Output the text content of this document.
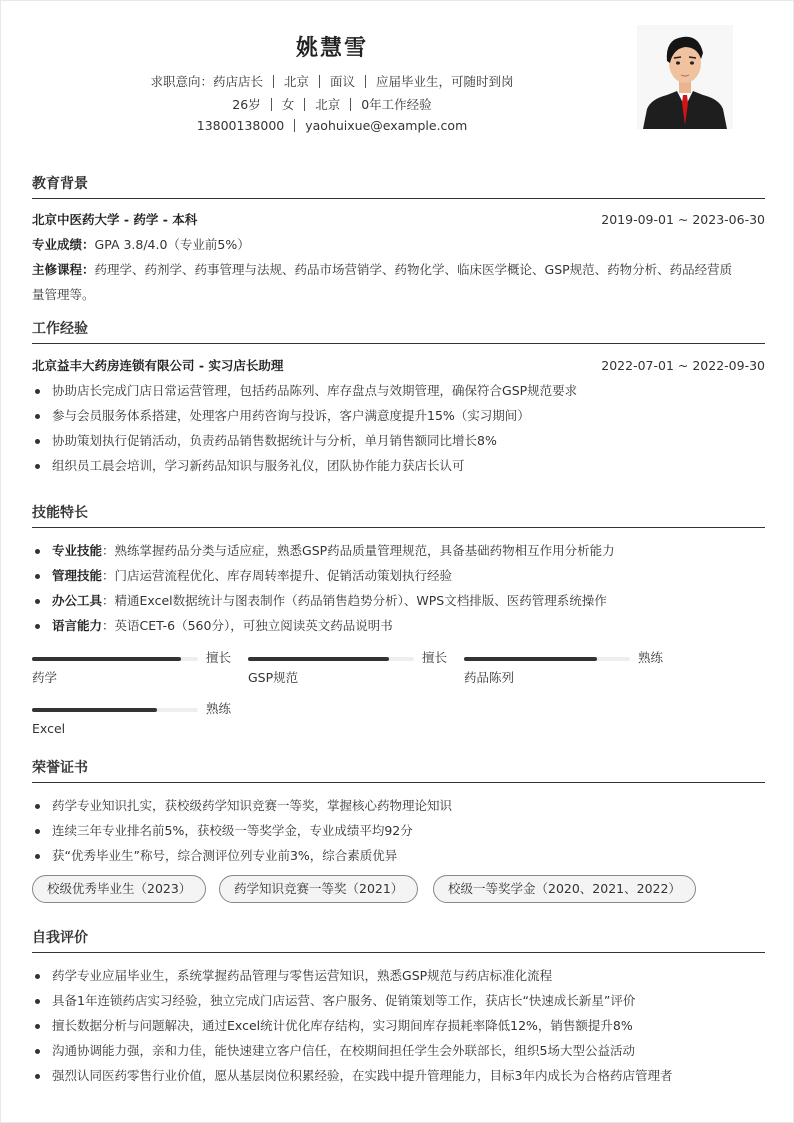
姚慧雪
求职意向：药店店长 北京 面议 应届毕业生，可随时到岗
26岁 女 北京 0年工作经验
13800138000 yaohuixue@example.com
教育背景
北京中医药大学 - 药学 - 本科	2019-09-01 ~ 2023-06-30
专业成绩：GPA 3.8/4.0（专业前5%）
主修课程：药理学、药剂学、药事管理与法规、药品市场营销学、药物化学、临床医学概论、GSP规范、药物分析、药品经营质
量管理等。
工作经验
北京益丰大药房连锁有限公司 - 实习店长助理	2022-07-01 ~ 2022-09-30
协助店长完成门店日常运营管理，包括药品陈列、库存盘点与效期管理，确保符合GSP规范要求
参与会员服务体系搭建，处理客户用药咨询与投诉，客户满意度提升15%（实习期间）
协助策划执行促销活动，负责药品销售数据统计与分析，单月销售额同比增长8%
组织员工晨会培训，学习新药品知识与服务礼仪，团队协作能力获店长认可
技能特长
专业技能：熟练掌握药品分类与适应症，熟悉GSP药品质量管理规范，具备基础药物相互作用分析能力
管理技能：门店运营流程优化、库存周转率提升、促销活动策划执行经验
办公工具：精通Excel数据统计与图表制作（药品销售趋势分析）、WPS文档排版、医药管理系统操作
语言能力：英语CET-6（560分），可独立阅读英文药品说明书
擅长
药学
擅长
GSP规范
熟练
药品陈列
熟练
Excel
荣誉证书
药学专业知识扎实，获校级药学知识竞赛一等奖，掌握核心药物理论知识
连续三年专业排名前5%，获校级一等奖学金，专业成绩平均92分
获“优秀毕业生”称号，综合测评位列专业前3%，综合素质优异
校级优秀毕业生（2023）	药学知识竞赛一等奖（2021）	校级一等奖学金（2020、2021、2022）
自我评价
药学专业应届毕业生，系统掌握药品管理与零售运营知识，熟悉GSP规范与药店标准化流程
具备1年连锁药店实习经验，独立完成门店运营、客户服务、促销策划等工作，获店长“快速成长新星”评价
擅长数据分析与问题解决，通过Excel统计优化库存结构，实习期间库存损耗率降低12%，销售额提升8%
沟通协调能力强，亲和力佳，能快速建立客户信任，在校期间担任学生会外联部长，组织5场大型公益活动
强烈认同医药零售行业价值，愿从基层岗位积累经验，在实践中提升管理能力，目标3年内成长为合格药店管理者
